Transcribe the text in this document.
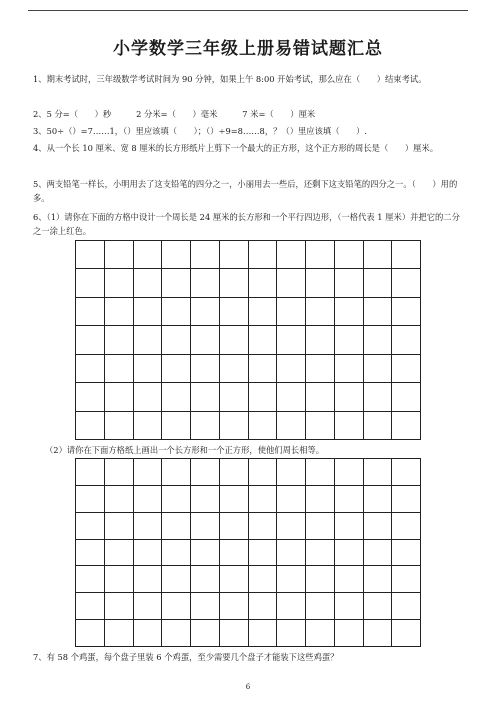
小学数学三年级上册易错试题汇总
1、期末考试时，三年级数学考试时间为 90 分钟，如果上午 8:00 开始考试，那么应在（　　）结束考试。
2、5 分=（　　）秒　　　2 分米=（　　）毫米　　　7 米=（　　）厘米
3、50÷（）=7……1，（）里应该填（　　）；（）÷9=8……8，？（）里应该填（　　）.
4、从一个长 10 厘米、宽 8 厘米的长方形纸片上剪下一个最大的正方形，这个正方形的周长是（　　）厘米。
5、两支铅笔一样长，小明用去了这支铅笔的四分之一，小丽用去一些后，还剩下这支铅笔的四分之一。（　　）用的多。
6、（1）请你在下面的方格中设计一个周长是 24 厘米的长方形和一个平行四边形，（一格代表 1 厘米）并把它的二分之一涂上红色。
（2）请你在下面方格纸上画出一个长方形和一个正方形，使他们周长相等。
7、有 58 个鸡蛋，每个盘子里装 6 个鸡蛋，至少需要几个盘子才能装下这些鸡蛋？
6
